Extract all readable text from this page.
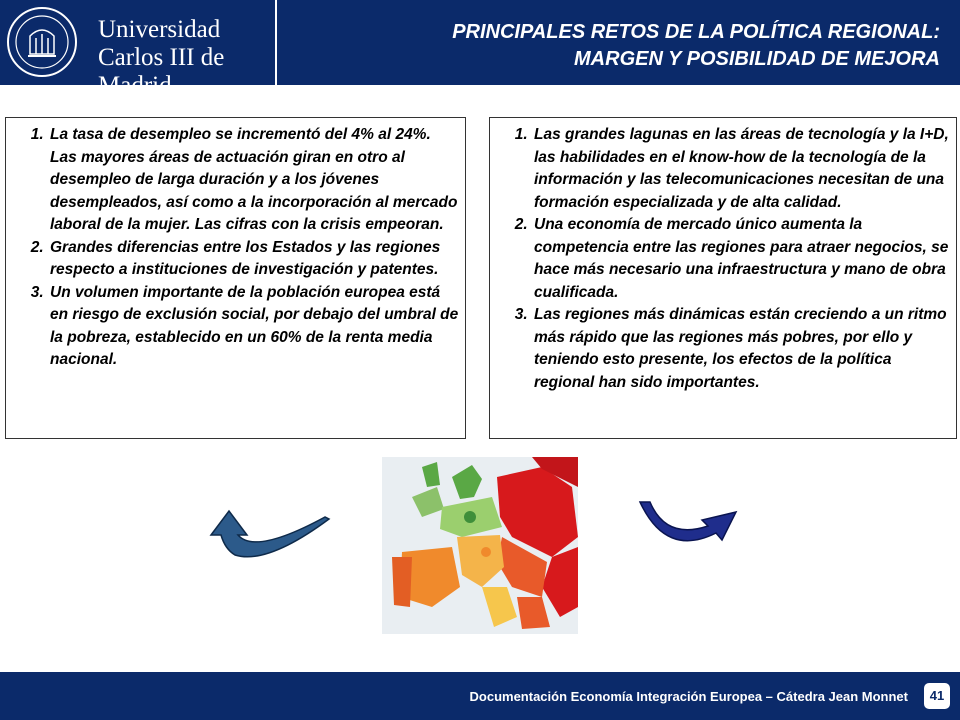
Universidad
Carlos III de Madrid
PRINCIPALES RETOS DE LA POLÍTICA REGIONAL:
MARGEN Y POSIBILIDAD DE MEJORA
1. La tasa de desempleo se incrementó del 4% al 24%. Las mayores áreas de actuación giran en otro al desempleo de larga duración y a los jóvenes desempleados, así como a la incorporación al mercado laboral de la mujer. Las cifras con la crisis empeoran.
2. Grandes diferencias entre los Estados y las regiones respecto a instituciones de investigación y patentes.
3. Un volumen importante de la población europea está en riesgo de exclusión social, por debajo del umbral de la pobreza, establecido en un 60% de la renta media nacional.
1. Las grandes lagunas en las áreas de tecnología y la I+D, las habilidades en el know-how de la tecnología de la información y las telecomunicaciones necesitan de una formación especializada y de alta calidad.
2. Una economía de mercado único aumenta la competencia entre las regiones para atraer negocios, se hace más necesario una infraestructura y mano de obra cualificada.
3. Las regiones más dinámicas están creciendo a un ritmo más rápido que las regiones más pobres, por ello y teniendo esto presente, los efectos de la política regional han sido importantes.
Documentación Economía Integración Europea – Cátedra Jean Monnet	41
